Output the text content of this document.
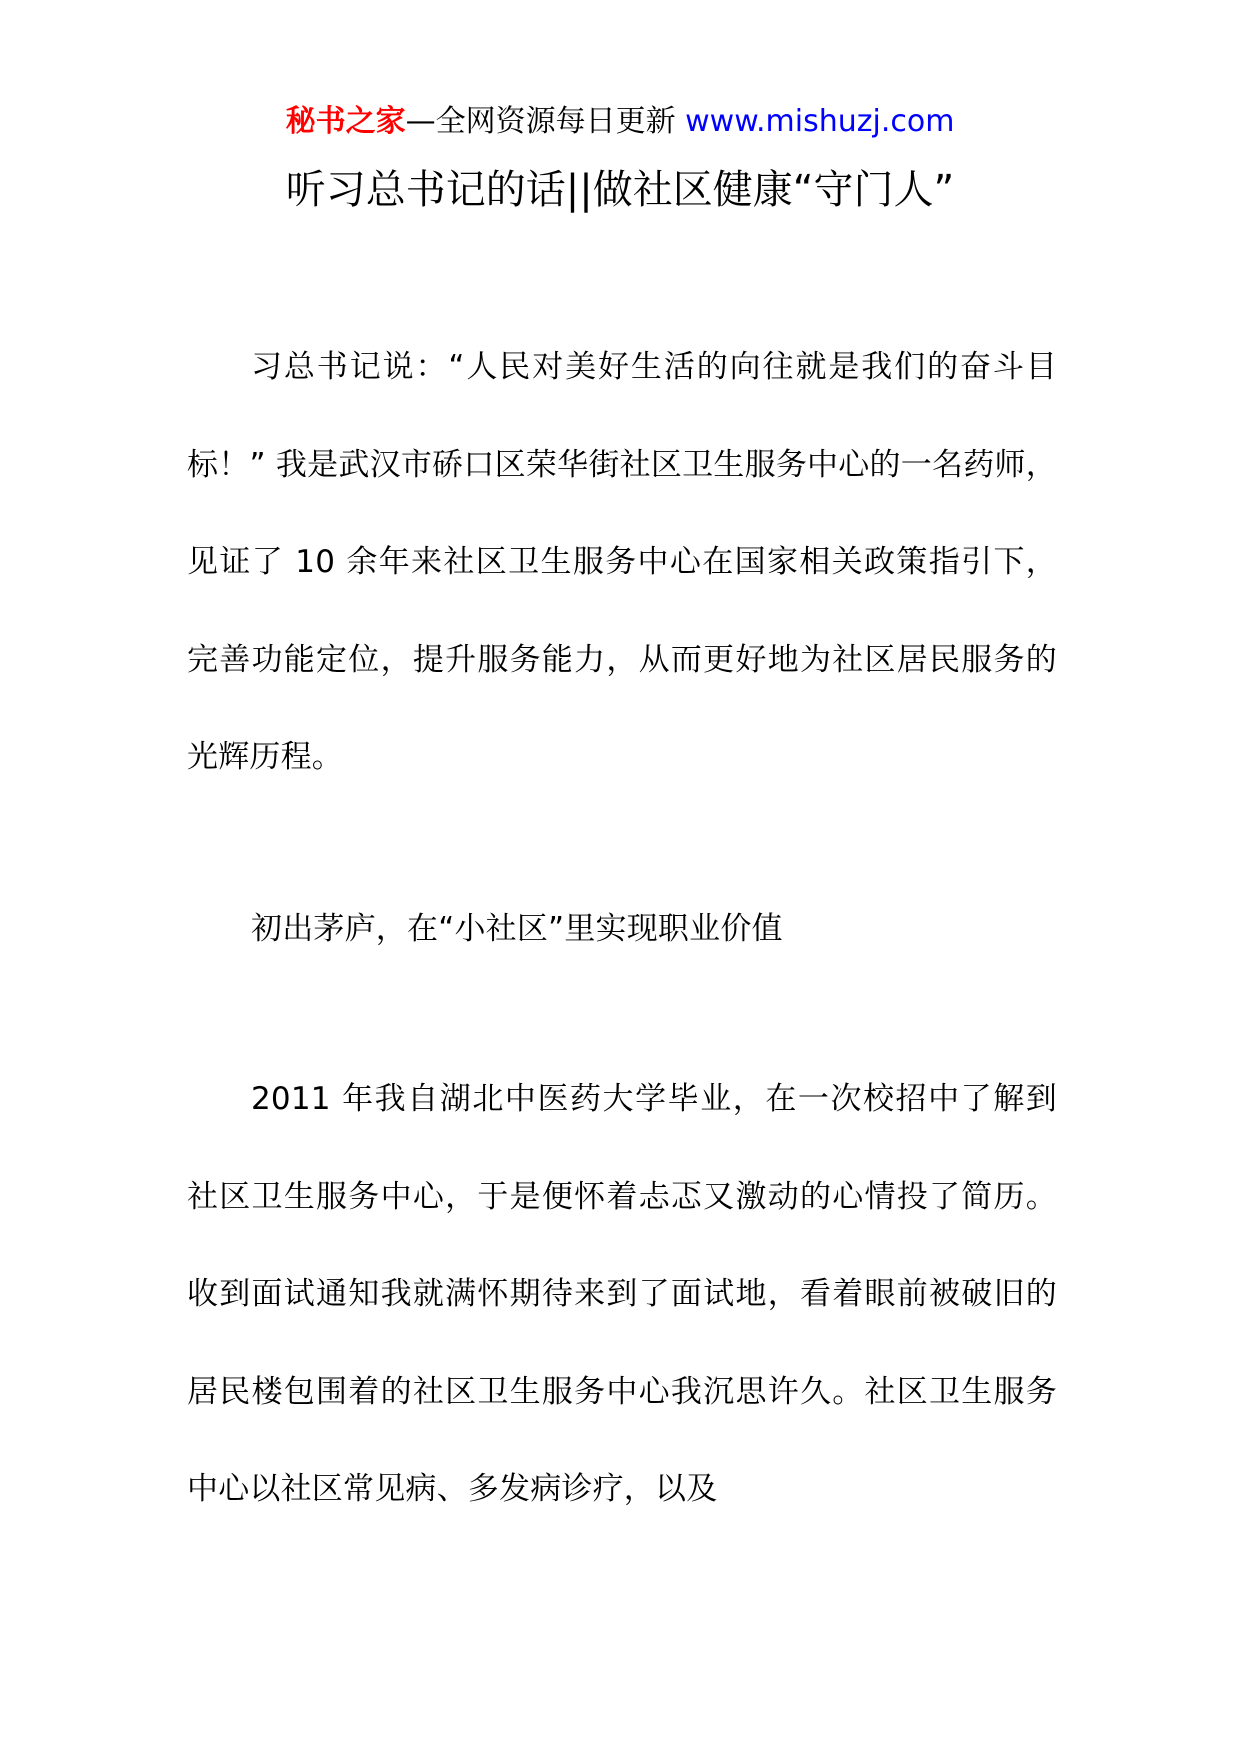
秘书之家—全网资源每日更新 www.mishuzj.com
听习总书记的话||做社区健康“守门人”

习总书记说：“人民对美好生活的向往就是我们的奋斗目标！” 我是武汉市硚口区荣华街社区卫生服务中心的一名药师，见证了 10 余年来社区卫生服务中心在国家相关政策指引下，完善功能定位，提升服务能力，从而更好地为社区居民服务的光辉历程。

初出茅庐，在“小社区”里实现职业价值

2011 年我自湖北中医药大学毕业，在一次校招中了解到社区卫生服务中心，于是便怀着忐忑又激动的心情投了简历。收到面试通知我就满怀期待来到了面试地，看着眼前被破旧的居民楼包围着的社区卫生服务中心我沉思许久。社区卫生服务中心以社区常见病、多发病诊疗，以及
